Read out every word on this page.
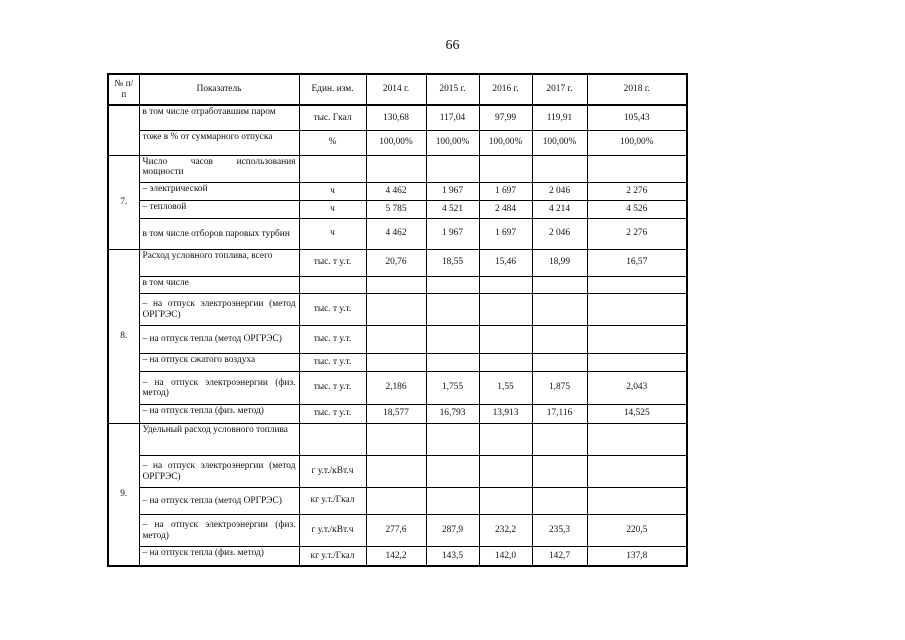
66
№ п/п	Показатель	Един. изм.	2014 г.	2015 г.	2016 г.	2017 г.	2018 г.
	в том числе отработавшим паром	тыс. Гкал	130,68	117,04	97,99	119,91	105,43
	тоже в % от суммарного отпуска	%	100,00%	100,00%	100,00%	100,00%	100,00%
7.	Число часов использования мощности						
	– электрической	ч	4 462	1 967	1 697	2 046	2 276
	– тепловой	ч	5 785	4 521	2 484	4 214	4 526
	в том числе отборов паровых турбин	ч	4 462	1 967	1 697	2 046	2 276
8.	Расход условного топлива, всего	тыс. т у.т.	20,76	18,55	15,46	18,99	16,57
	в том числе						
	– на отпуск электроэнергии (метод ОРГРЭС)	тыс. т у.т.					
	– на отпуск тепла (метод ОРГРЭС)	тыс. т у.т.					
	– на отпуск сжатого воздуха	тыс. т у.т.					
	– на отпуск электроэнергии (физ. метод)	тыс. т у.т.	2,186	1,755	1,55	1,875	2,043
	– на отпуск тепла (физ. метод)	тыс. т у.т.	18,577	16,793	13,913	17,116	14,525
9.	Удельный расход условного топлива						
	– на отпуск электроэнергии (метод ОРГРЭС)	г у.т./кВт.ч					
	– на отпуск тепла (метод ОРГРЭС)	кг у.т./Гкал					
	– на отпуск электроэнергии (физ. метод)	г у.т./кВт.ч	277,6	287,9	232,2	235,3	220,5
	– на отпуск тепла (физ. метод)	кг у.т./Гкал	142,2	143,5	142,0	142,7	137,8
